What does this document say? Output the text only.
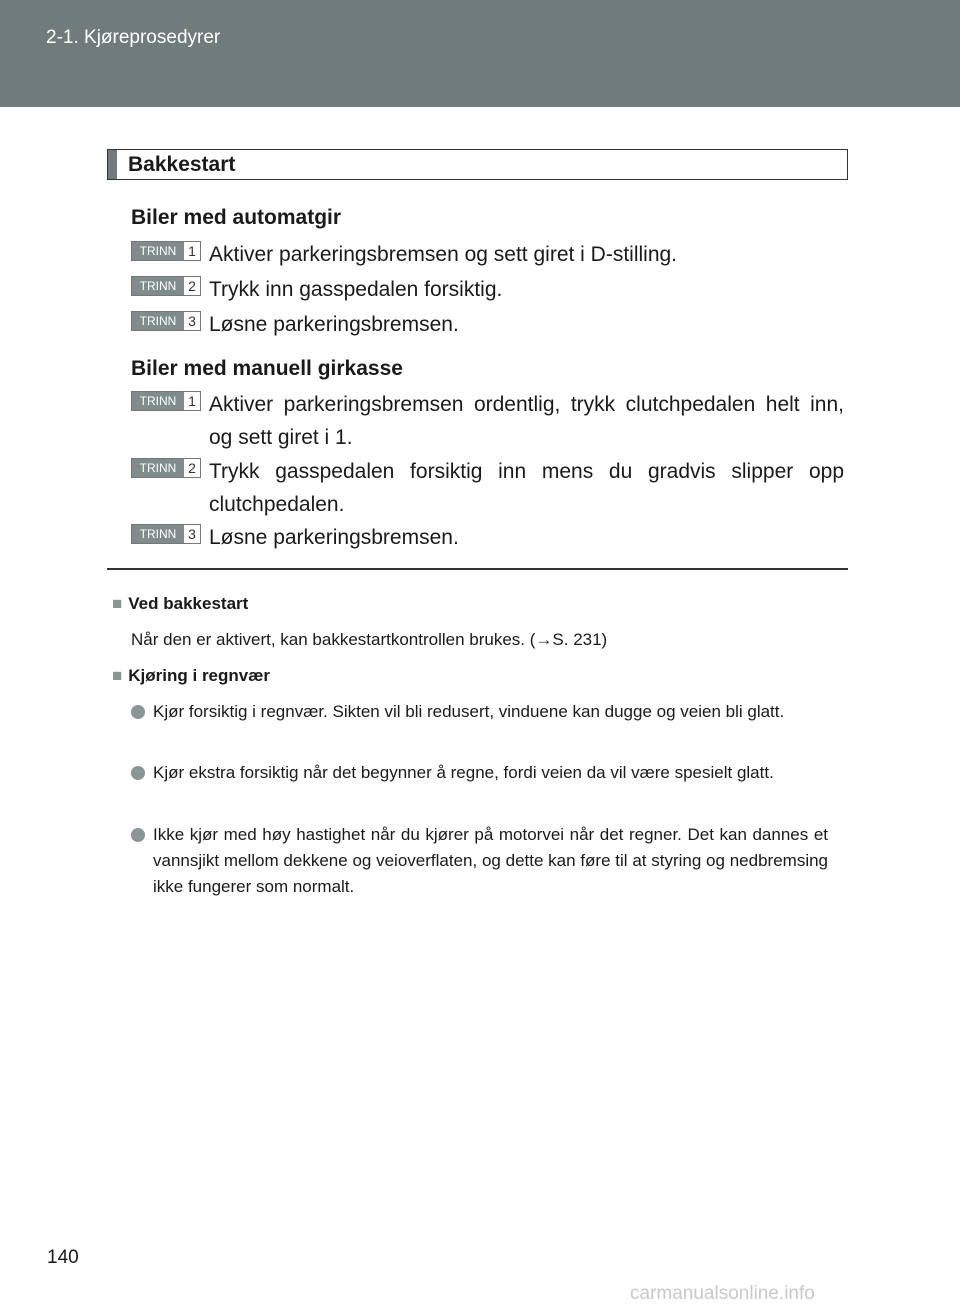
2-1. Kjøreprosedyrer
Bakkestart
Biler med automatgir
TRINN 1 Aktiver parkeringsbremsen og sett giret i D-stilling.
TRINN 2 Trykk inn gasspedalen forsiktig.
TRINN 3 Løsne parkeringsbremsen.
Biler med manuell girkasse
TRINN 1 Aktiver parkeringsbremsen ordentlig, trykk clutchpedalen helt inn, og sett giret i 1.
TRINN 2 Trykk gasspedalen forsiktig inn mens du gradvis slipper opp clutchpedalen.
TRINN 3 Løsne parkeringsbremsen.
■ Ved bakkestart
Når den er aktivert, kan bakkestartkontrollen brukes. (→S. 231)
■ Kjøring i regnvær
Kjør forsiktig i regnvær. Sikten vil bli redusert, vinduene kan dugge og veien bli glatt.
Kjør ekstra forsiktig når det begynner å regne, fordi veien da vil være spesielt glatt.
Ikke kjør med høy hastighet når du kjører på motorvei når det regner. Det kan dannes et vannsjikt mellom dekkene og veioverflaten, og dette kan føre til at styring og nedbremsing ikke fungerer som normalt.
140
carmanualsonline.info
